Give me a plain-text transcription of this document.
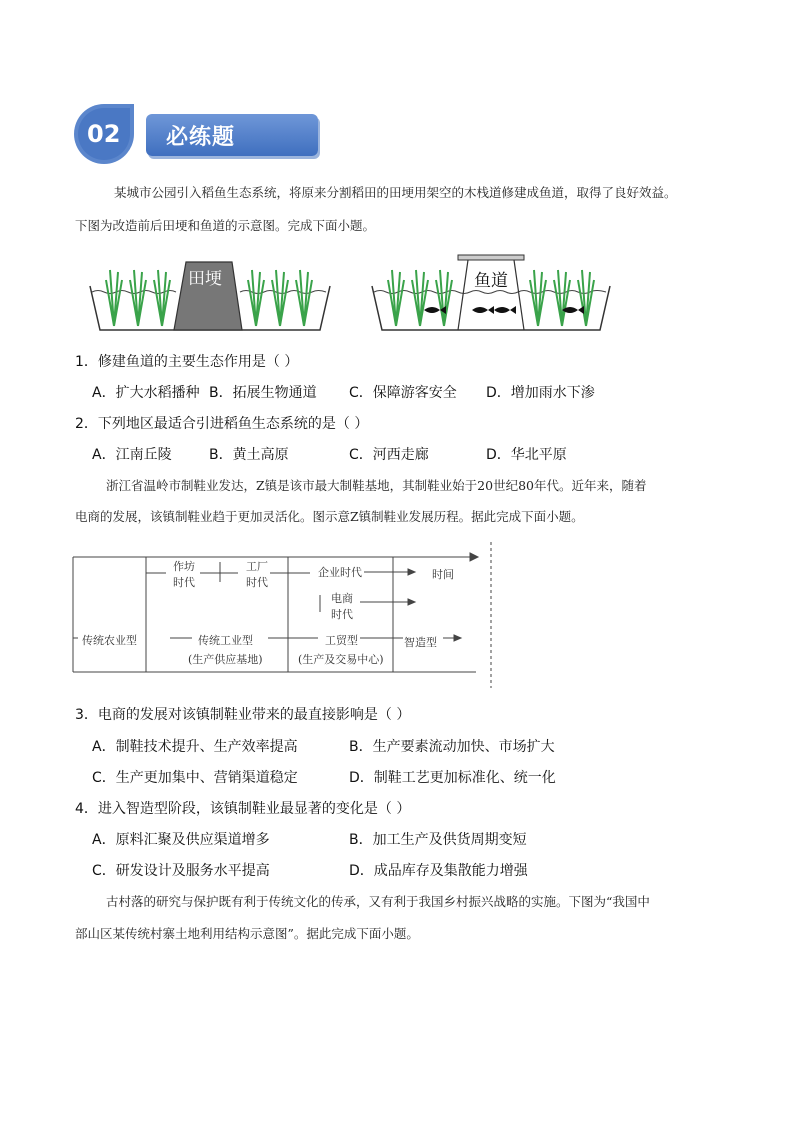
02 必练题
某城市公园引入稻鱼生态系统，将原来分割稻田的田埂用架空的木栈道修建成鱼道，取得了良好效益。
下图为改造前后田埂和鱼道的示意图。完成下面小题。
田埂	鱼道
1．修建鱼道的主要生态作用是（ ）
A．扩大水稻播种 B．拓展生物通道 C．保障游客安全 D．增加雨水下渗
2．下列地区最适合引进稻鱼生态系统的是（ ）
A．江南丘陵	B．黄土高原	C．河西走廊	D．华北平原
浙江省温岭市制鞋业发达，Z镇是该市最大制鞋基地，其制鞋业始于20世纪80年代。近年来，随着
电商的发展，该镇制鞋业趋于更加灵活化。图示意Z镇制鞋业发展历程。据此完成下面小题。
作坊
时代
工厂
时代
企业时代	时间
电商
时代
传统农业型	传统工业型
(生产供应基地)
工贸型
(生产及交易中心)
智造型
3．电商的发展对该镇制鞋业带来的最直接影响是（ ）
A．制鞋技术提升、生产效率提高	B．生产要素流动加快、市场扩大
C．生产更加集中、营销渠道稳定	D．制鞋工艺更加标准化、统一化
4．进入智造型阶段，该镇制鞋业最显著的变化是（ ）
A．原料汇聚及供应渠道增多	B．加工生产及供货周期变短
C．研发设计及服务水平提高	D．成品库存及集散能力增强
古村落的研究与保护既有利于传统文化的传承，又有利于我国乡村振兴战略的实施。下图为“我国中
部山区某传统村寨土地利用结构示意图”。据此完成下面小题。
